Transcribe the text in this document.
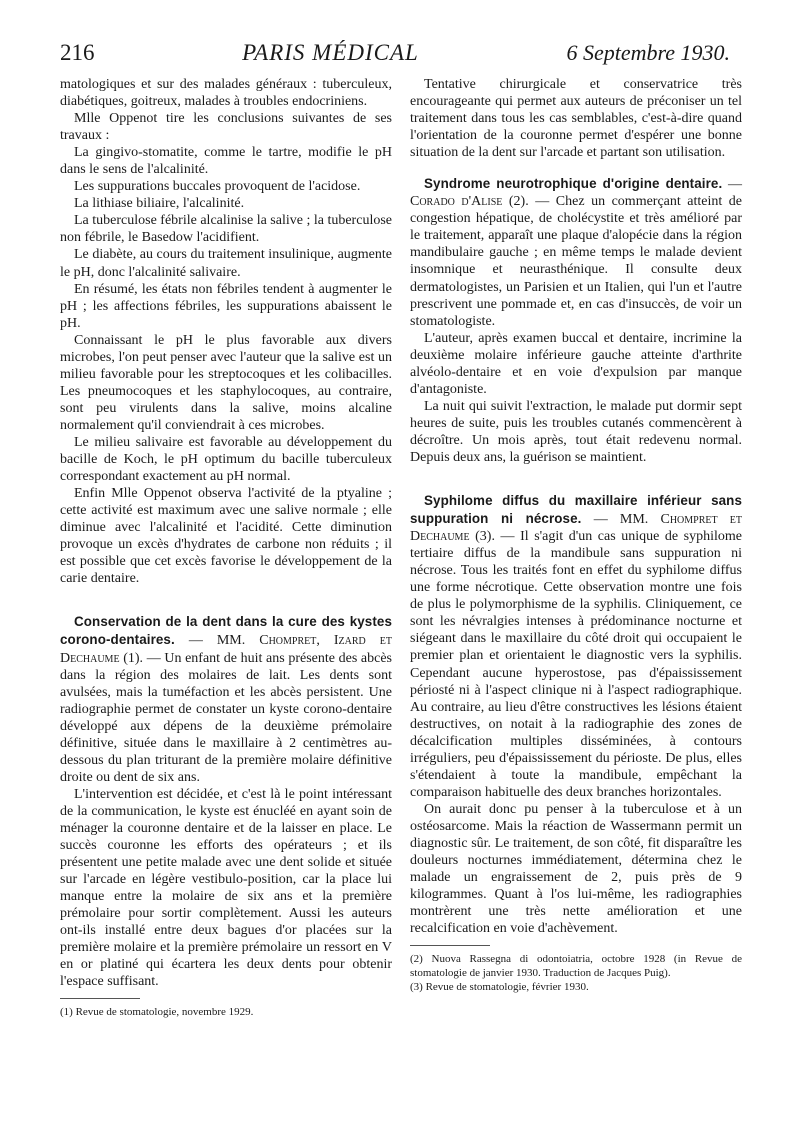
216	PARIS MÉDICAL	6 Septembre 1930.

matologiques et sur des malades généraux : tuberculeux, diabétiques, goitreux, malades à troubles endocriniens.

Mlle Oppenot tire les conclusions suivantes de ses travaux :

La gingivo-stomatite, comme le tartre, modifie le pH dans le sens de l'alcalinité.

Les suppurations buccales provoquent de l'acidose.

La lithiase biliaire, l'alcalinité.

La tuberculose fébrile alcalinise la salive ; la tuberculose non fébrile, le Basedow l'acidifient.

Le diabète, au cours du traitement insulinique, augmente le pH, donc l'alcalinité salivaire.

En résumé, les états non fébriles tendent à augmenter le pH ; les affections fébriles, les suppurations abaissent le pH.

Connaissant le pH le plus favorable aux divers microbes, l'on peut penser avec l'auteur que la salive est un milieu favorable pour les streptocoques et les colibacilles. Les pneumocoques et les staphylocoques, au contraire, sont peu virulents dans la salive, moins alcaline normalement qu'il conviendrait à ces microbes.

Le milieu salivaire est favorable au développement du bacille de Koch, le pH optimum du bacille tuberculeux correspondant exactement au pH normal.

Enfin Mlle Oppenot observa l'activité de la ptyaline ; cette activité est maximum avec une salive normale ; elle diminue avec l'alcalinité et l'acidité. Cette diminution provoque un excès d'hydrates de carbone non réduits ; il est possible que cet excès favorise le développement de la carie dentaire.

Conservation de la dent dans la cure des kystes corono-dentaires. — MM. Chompret, Izard et Dechaume (1). — Un enfant de huit ans présente des abcès dans la région des molaires de lait. Les dents sont avulsées, mais la tuméfaction et les abcès persistent. Une radiographie permet de constater un kyste corono-dentaire développé aux dépens de la deuxième prémolaire définitive, située dans le maxillaire à 2 centimètres au-dessous du plan triturant de la première molaire définitive droite ou dent de six ans.

L'intervention est décidée, et c'est là le point intéressant de la communication, le kyste est énucléé en ayant soin de ménager la couronne dentaire et de la laisser en place. Le succès couronne les efforts des opérateurs ; et ils présentent une petite malade avec une dent solide et située sur l'arcade en légère vestibulo-position, car la place lui manque entre la molaire de six ans et la première prémolaire pour sortir complètement. Aussi les auteurs ont-ils installé entre deux bagues d'or placées sur la première molaire et la première prémolaire un ressort en V en or platiné qui écartera les deux dents pour obtenir l'espace suffisant.

(1) Revue de stomatologie, novembre 1929.

Tentative chirurgicale et conservatrice très encourageante qui permet aux auteurs de préconiser un tel traitement dans tous les cas semblables, c'est-à-dire quand l'orientation de la couronne permet d'espérer une bonne situation de la dent sur l'arcade et partant son utilisation.

Syndrome neurotrophique d'origine dentaire. — Corado d'Alise (2). — Chez un commerçant atteint de congestion hépatique, de cholécystite et très amélioré par le traitement, apparaît une plaque d'alopécie dans la région mandibulaire gauche ; en même temps le malade devient insomnique et neurasthénique. Il consulte deux dermatologistes, un Parisien et un Italien, qui l'un et l'autre prescrivent une pommade et, en cas d'insuccès, de voir un stomatologiste.

L'auteur, après examen buccal et dentaire, incrimine la deuxième molaire inférieure gauche atteinte d'arthrite alvéolo-dentaire et en voie d'expulsion par manque d'antagoniste.

La nuit qui suivit l'extraction, le malade put dormir sept heures de suite, puis les troubles cutanés commencèrent à décroître. Un mois après, tout était redevenu normal. Depuis deux ans, la guérison se maintient.

Syphilome diffus du maxillaire inférieur sans suppuration ni nécrose. — MM. Chompret et Dechaume (3). — Il s'agit d'un cas unique de syphilome tertiaire diffus de la mandibule sans suppuration ni nécrose. Tous les traités font en effet du syphilome diffus une forme nécrotique. Cette observation montre une fois de plus le polymorphisme de la syphilis. Cliniquement, ce sont les névralgies intenses à prédominance nocturne et siégeant dans le maxillaire du côté droit qui occupaient le premier plan et orientaient le diagnostic vers la syphilis. Cependant aucune hyperostose, pas d'épaississement périosté ni à l'aspect clinique ni à l'aspect radiographique. Au contraire, au lieu d'être constructives les lésions étaient destructives, on notait à la radiographie des zones de décalcification multiples disséminées, à contours irréguliers, peu d'épaississement du périoste. De plus, elles s'étendaient à toute la mandibule, empêchant la comparaison habituelle des deux branches horizontales.

On aurait donc pu penser à la tuberculose et à un ostéosarcome. Mais la réaction de Wassermann permit un diagnostic sûr. Le traitement, de son côté, fit disparaître les douleurs nocturnes immédiatement, détermina chez le malade un engraissement de 2, puis près de 9 kilogrammes. Quant à l'os lui-même, les radiographies montrèrent une très nette amélioration et une recalcification en voie d'achèvement.

(2) Nuova Rassegna di odontoiatria, octobre 1928 (in Revue de stomatologie de janvier 1930. Traduction de Jacques Puig).

(3) Revue de stomatologie, février 1930.
